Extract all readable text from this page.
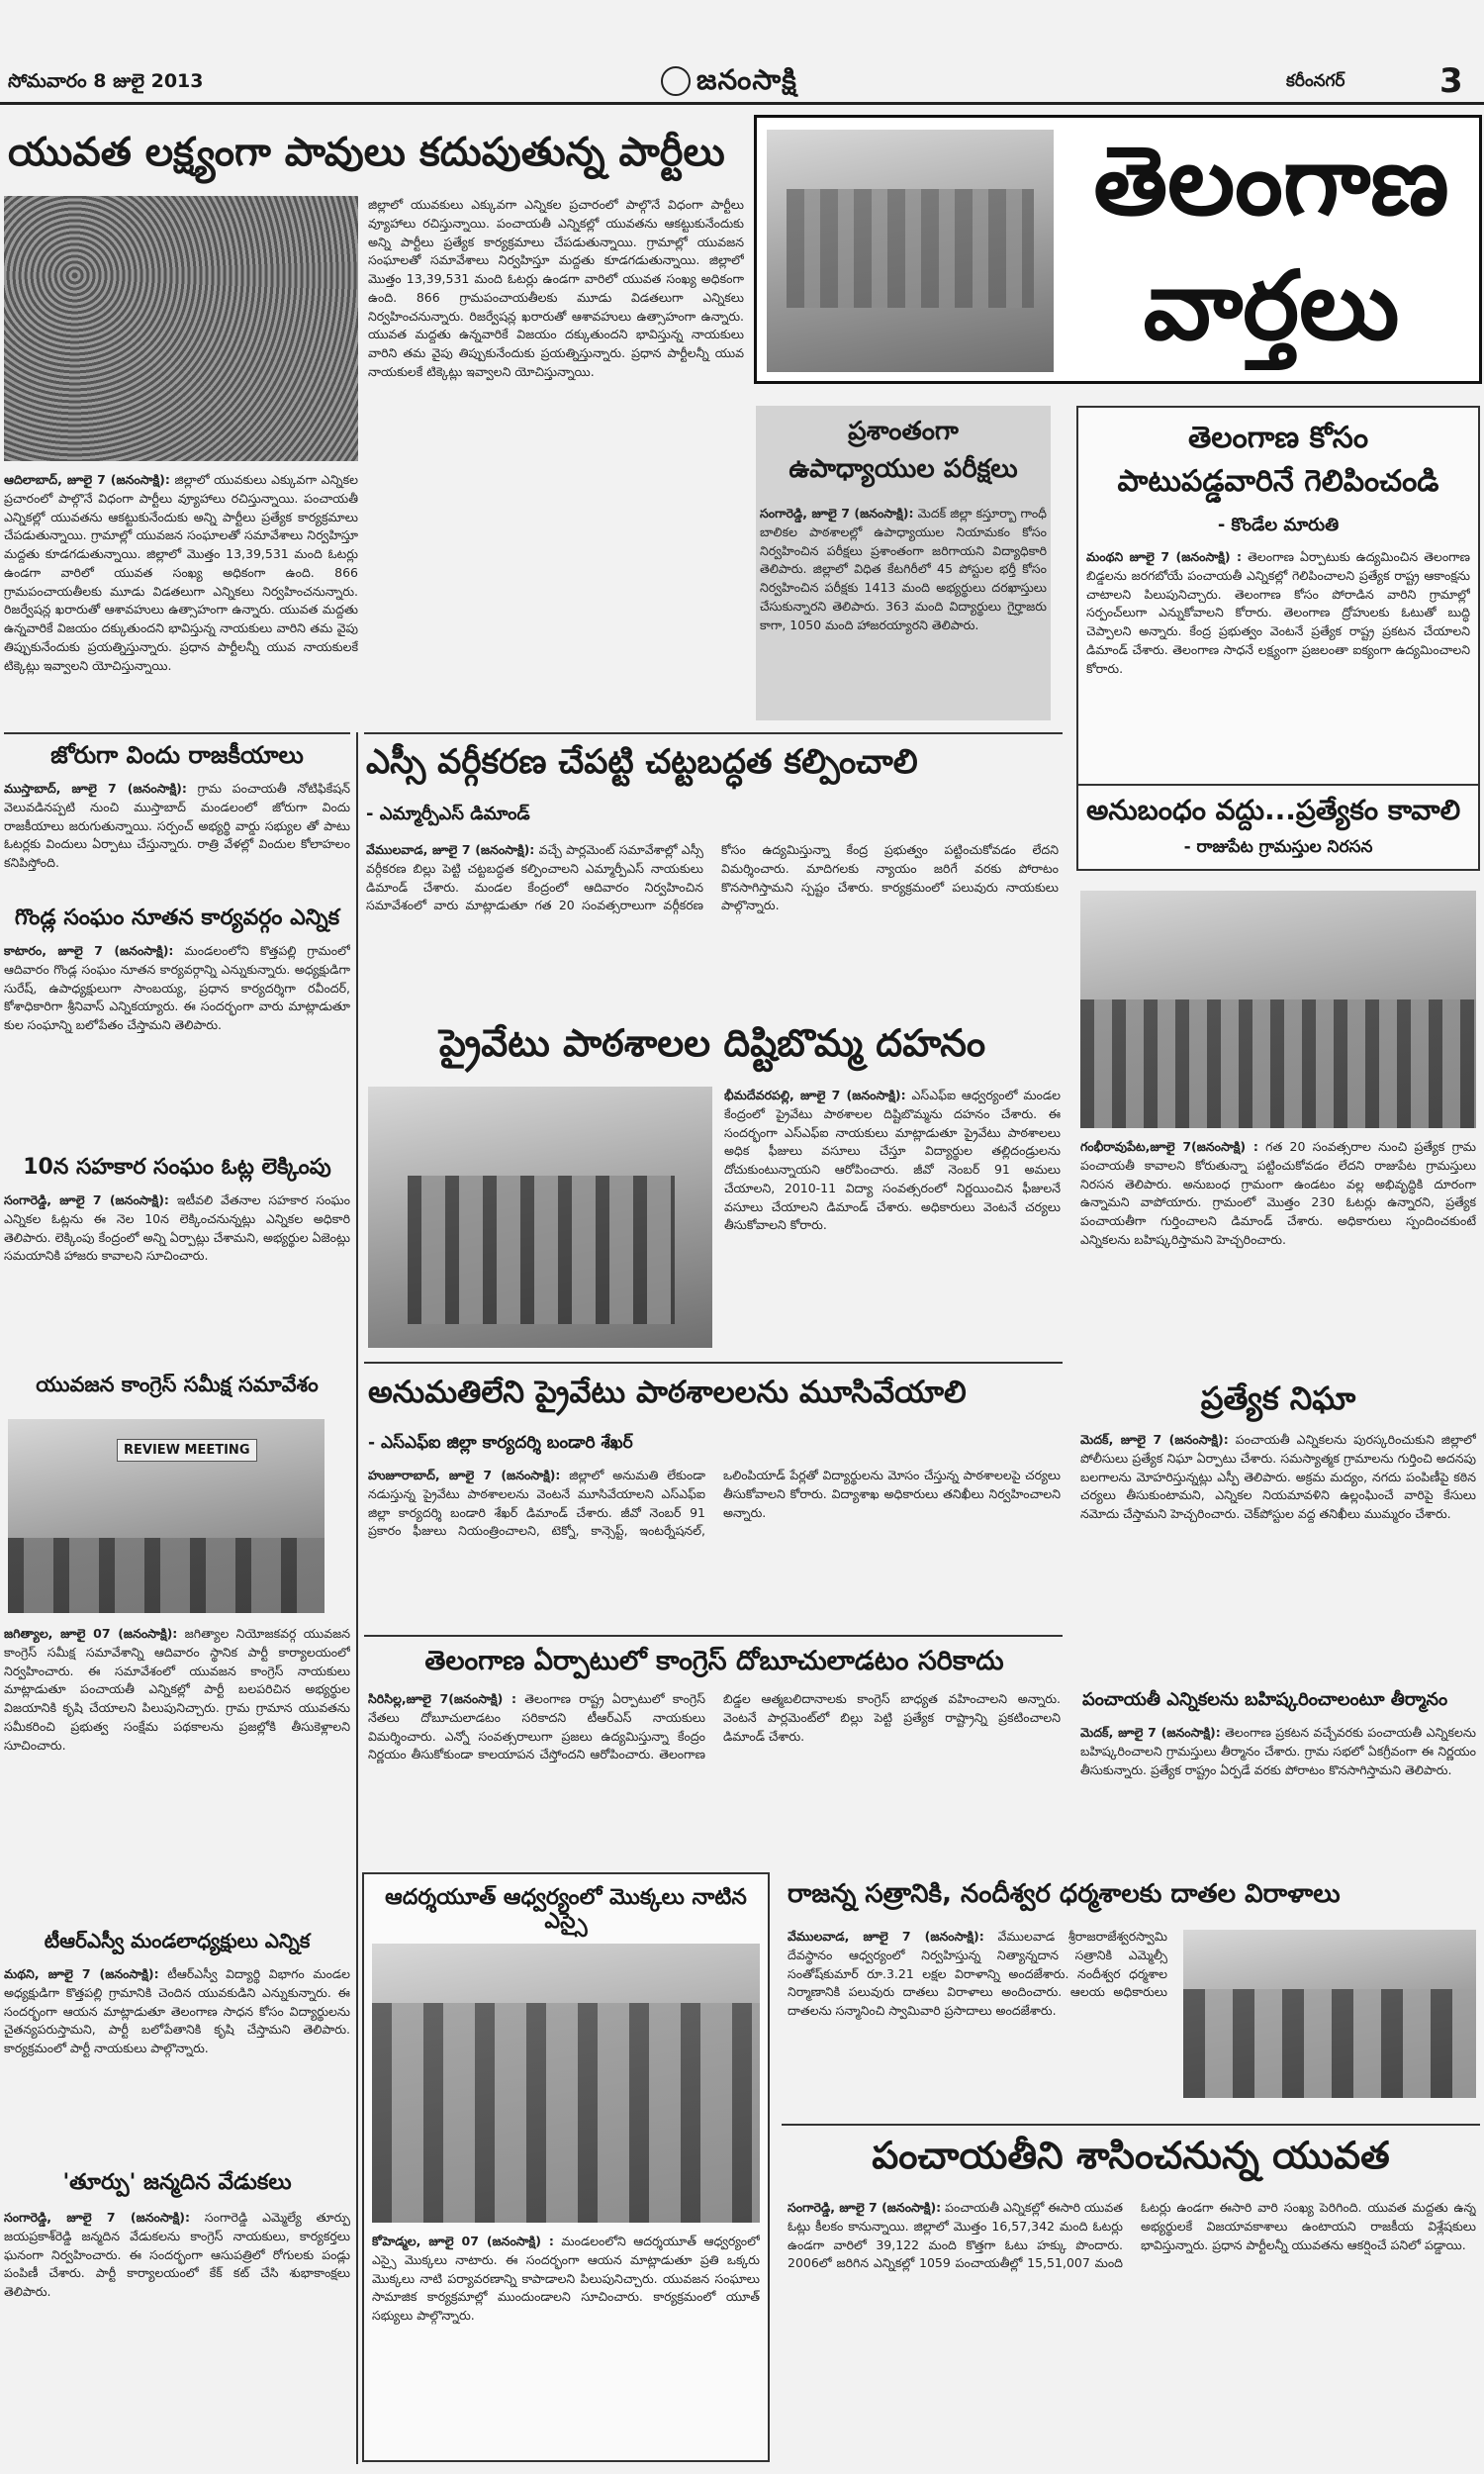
సోమవారం 8 జులై 2013	జనంసాక్షి	కరీంనగర్	3
తెలంగాణ
వార్తలు
యువత లక్ష్యంగా పావులు కదుపుతున్న పార్టీలు
జిల్లాలో యువకులు ఎక్కువగా ఎన్నికల ప్రచారంలో పాల్గొనే విధంగా పార్టీలు వ్యూహాలు రచిస్తున్నాయి. పంచాయతీ ఎన్నికల్లో యువతను ఆకట్టుకునేందుకు అన్ని పార్టీలు ప్రత్యేక కార్యక్రమాలు చేపడుతున్నాయి. గ్రామాల్లో యువజన సంఘాలతో సమావేశాలు నిర్వహిస్తూ మద్దతు కూడగడుతున్నాయి. జిల్లాలో మొత్తం 13,39,531 మంది ఓటర్లు ఉండగా వారిలో యువత సంఖ్య అధికంగా ఉంది. 866 గ్రామపంచాయతీలకు మూడు విడతలుగా ఎన్నికలు నిర్వహించనున్నారు. రిజర్వేషన్ల ఖరారుతో ఆశావహులు ఉత్సాహంగా ఉన్నారు. యువత మద్దతు ఉన్నవారికే విజయం దక్కుతుందని భావిస్తున్న నాయకులు వారిని తమ వైపు తిప్పుకునేందుకు ప్రయత్నిస్తున్నారు. ప్రధాన పార్టీలన్నీ యువ నాయకులకే టిక్కెట్లు ఇవ్వాలని యోచిస్తున్నాయి.
ఆదిలాబాద్, జూలై 7 (జనంసాక్షి): జిల్లాలో యువకులు ఎక్కువగా ఎన్నికల ప్రచారంలో పాల్గొనే విధంగా పార్టీలు వ్యూహాలు రచిస్తున్నాయి. పంచాయతీ ఎన్నికల్లో యువతను ఆకట్టుకునేందుకు అన్ని పార్టీలు ప్రత్యేక కార్యక్రమాలు చేపడుతున్నాయి. గ్రామాల్లో యువజన సంఘాలతో సమావేశాలు నిర్వహిస్తూ మద్దతు కూడగడుతున్నాయి. జిల్లాలో మొత్తం 13,39,531 మంది ఓటర్లు ఉండగా వారిలో యువత సంఖ్య అధికంగా ఉంది. 866 గ్రామపంచాయతీలకు మూడు విడతలుగా ఎన్నికలు నిర్వహించనున్నారు. రిజర్వేషన్ల ఖరారుతో ఆశావహులు ఉత్సాహంగా ఉన్నారు. యువత మద్దతు ఉన్నవారికే విజయం దక్కుతుందని భావిస్తున్న నాయకులు వారిని తమ వైపు తిప్పుకునేందుకు ప్రయత్నిస్తున్నారు. ప్రధాన పార్టీలన్నీ యువ నాయకులకే టిక్కెట్లు ఇవ్వాలని యోచిస్తున్నాయి.
ప్రశాంతంగా
ఉపాధ్యాయుల పరీక్షలు
సంగారెడ్డి, జూలై 7 (జనంసాక్షి): మెదక్ జిల్లా కస్తూర్బా గాంధీ బాలికల పాఠశాలల్లో ఉపాధ్యాయుల నియామకం కోసం నిర్వహించిన పరీక్షలు ప్రశాంతంగా జరిగాయని విద్యాధికారి తెలిపారు. జిల్లాలో విధిత కేటగిరీలో 45 పోస్టుల భర్తీ కోసం నిర్వహించిన పరీక్షకు 1413 మంది అభ్యర్థులు దరఖాస్తులు చేసుకున్నారని తెలిపారు. 363 మంది విద్యార్థులు గైర్హాజరు కాగా, 1050 మంది హాజరయ్యారని తెలిపారు.
తెలంగాణ కోసం
పాటుపడ్డవారినే గెలిపించండి
- కొండేల మారుతి
మంథని జూలై 7 (జనంసాక్షి) : తెలంగాణ ఏర్పాటుకు ఉద్యమించిన తెలంగాణ బిడ్డలను జరగబోయే పంచాయతీ ఎన్నికల్లో గెలిపించాలని ప్రత్యేక రాష్ట్ర ఆకాంక్షను చాటాలని పిలుపునిచ్చారు. తెలంగాణ కోసం పోరాడిన వారిని గ్రామాల్లో సర్పంచ్‌లుగా ఎన్నుకోవాలని కోరారు. తెలంగాణ ద్రోహులకు ఓటుతో బుద్ధి చెప్పాలని అన్నారు. కేంద్ర ప్రభుత్వం వెంటనే ప్రత్యేక రాష్ట్ర ప్రకటన చేయాలని డిమాండ్ చేశారు. తెలంగాణ సాధనే లక్ష్యంగా ప్రజలంతా ఐక్యంగా ఉద్యమించాలని కోరారు.
అనుబంధం వద్దు...ప్రత్యేకం కావాలి
- రాజుపేట గ్రామస్తుల నిరసన
జోరుగా విందు రాజకీయాలు
ముస్తాబాద్, జూలై 7 (జనంసాక్షి): గ్రామ పంచాయతీ నోటిఫికేషన్ వెలువడినప్పటి నుంచి ముస్తాబాద్ మండలంలో జోరుగా విందు రాజకీయాలు జరుగుతున్నాయి. సర్పంచ్ అభ్యర్థి వార్డు సభ్యుల తో పాటు ఓటర్లకు విందులు ఏర్పాటు చేస్తున్నారు. రాత్రి వేళల్లో విందుల కోలాహలం కనిపిస్తోంది.
గొండ్ల సంఘం నూతన కార్యవర్గం ఎన్నిక
కాటారం, జూలై 7 (జనంసాక్షి): మండలంలోని కొత్తపల్లి గ్రామంలో ఆదివారం గొండ్ల సంఘం నూతన కార్యవర్గాన్ని ఎన్నుకున్నారు. అధ్యక్షుడిగా సురేష్, ఉపాధ్యక్షులుగా సాంబయ్య, ప్రధాన కార్యదర్శిగా రవీందర్, కోశాధికారిగా శ్రీనివాస్ ఎన్నికయ్యారు. ఈ సందర్భంగా వారు మాట్లాడుతూ కుల సంఘాన్ని బలోపేతం చేస్తామని తెలిపారు.
10న సహకార సంఘం ఓట్ల లెక్కింపు
సంగారెడ్డి, జూలై 7 (జనంసాక్షి): ఇటీవలి వేతనాల సహకార సంఘం ఎన్నికల ఓట్లను ఈ నెల 10న లెక్కించనున్నట్లు ఎన్నికల అధికారి తెలిపారు. లెక్కింపు కేంద్రంలో అన్ని ఏర్పాట్లు చేశామని, అభ్యర్థుల ఏజెంట్లు సమయానికి హాజరు కావాలని సూచించారు.
యువజన కాంగ్రెస్ సమీక్ష సమావేశం
REVIEW MEETING
జగిత్యాల, జూలై 07 (జనంసాక్షి): జగిత్యాల నియోజకవర్గ యువజన కాంగ్రెస్ సమీక్ష సమావేశాన్ని ఆదివారం స్థానిక పార్టీ కార్యాలయంలో నిర్వహించారు. ఈ సమావేశంలో యువజన కాంగ్రెస్ నాయకులు మాట్లాడుతూ పంచాయతీ ఎన్నికల్లో పార్టీ బలపరిచిన అభ్యర్థుల విజయానికి కృషి చేయాలని పిలుపునిచ్చారు. గ్రామ గ్రామాన యువతను సమీకరించి ప్రభుత్వ సంక్షేమ పథకాలను ప్రజల్లోకి తీసుకెళ్లాలని సూచించారు.
టీఆర్ఎస్వీ మండలాధ్యక్షులు ఎన్నిక
మథని, జూలై 7 (జనంసాక్షి): టీఆర్ఎస్వీ విద్యార్థి విభాగం మండల అధ్యక్షుడిగా కొత్తపల్లి గ్రామానికి చెందిన యువకుడిని ఎన్నుకున్నారు. ఈ సందర్భంగా ఆయన మాట్లాడుతూ తెలంగాణ సాధన కోసం విద్యార్థులను చైతన్యపరుస్తామని, పార్టీ బలోపేతానికి కృషి చేస్తామని తెలిపారు. కార్యక్రమంలో పార్టీ నాయకులు పాల్గొన్నారు.
'తూర్పు' జన్మదిన వేడుకలు
సంగారెడ్డి, జూలై 7 (జనంసాక్షి): సంగారెడ్డి ఎమ్మెల్యే తూర్పు జయప్రకాశ్‌రెడ్డి జన్మదిన వేడుకలను కాంగ్రెస్ నాయకులు, కార్యకర్తలు ఘనంగా నిర్వహించారు. ఈ సందర్భంగా ఆసుపత్రిలో రోగులకు పండ్లు పంపిణీ చేశారు. పార్టీ కార్యాలయంలో కేక్ కట్ చేసి శుభాకాంక్షలు తెలిపారు.
ఎస్సీ వర్గీకరణ చేపట్టి చట్టబద్ధత కల్పించాలి
- ఎమ్మార్పీఎస్ డిమాండ్
వేములవాడ, జూలై 7 (జనంసాక్షి): వచ్చే పార్లమెంట్ సమావేశాల్లో ఎస్సీ వర్గీకరణ బిల్లు పెట్టి చట్టబద్ధత కల్పించాలని ఎమ్మార్పీఎస్ నాయకులు డిమాండ్ చేశారు. మండల కేంద్రంలో ఆదివారం నిర్వహించిన సమావేశంలో వారు మాట్లాడుతూ గత 20 సంవత్సరాలుగా వర్గీకరణ కోసం ఉద్యమిస్తున్నా కేంద్ర ప్రభుత్వం పట్టించుకోవడం లేదని విమర్శించారు. మాదిగలకు న్యాయం జరిగే వరకు పోరాటం కొనసాగిస్తామని స్పష్టం చేశారు. కార్యక్రమంలో పలువురు నాయకులు పాల్గొన్నారు.
ప్రైవేటు పాఠశాలల దిష్టిబొమ్మ దహనం
భీమదేవరపల్లి, జూలై 7 (జనంసాక్షి): ఎస్ఎఫ్ఐ ఆధ్వర్యంలో మండల కేంద్రంలో ప్రైవేటు పాఠశాలల దిష్టిబొమ్మను దహనం చేశారు. ఈ సందర్భంగా ఎస్ఎఫ్ఐ నాయకులు మాట్లాడుతూ ప్రైవేటు పాఠశాలలు అధిక ఫీజులు వసూలు చేస్తూ విద్యార్థుల తల్లిదండ్రులను దోచుకుంటున్నాయని ఆరోపించారు. జీవో నెంబర్ 91 అమలు చేయాలని, 2010-11 విద్యా సంవత్సరంలో నిర్ణయించిన ఫీజులనే వసూలు చేయాలని డిమాండ్ చేశారు. అధికారులు వెంటనే చర్యలు తీసుకోవాలని కోరారు.
అనుమతిలేని ప్రైవేటు పాఠశాలలను మూసివేయాలి
- ఎస్ఎఫ్ఐ జిల్లా కార్యదర్శి బండారి శేఖర్
హుజూరాబాద్, జూలై 7 (జనంసాక్షి): జిల్లాలో అనుమతి లేకుండా నడుస్తున్న ప్రైవేటు పాఠశాలలను వెంటనే మూసివేయాలని ఎస్ఎఫ్ఐ జిల్లా కార్యదర్శి బండారి శేఖర్ డిమాండ్ చేశారు. జీవో నెంబర్ 91 ప్రకారం ఫీజులు నియంత్రించాలని, టెక్నో, కాన్సెప్ట్, ఇంటర్నేషనల్, ఒలింపియాడ్ పేర్లతో విద్యార్థులను మోసం చేస్తున్న పాఠశాలలపై చర్యలు తీసుకోవాలని కోరారు. విద్యాశాఖ అధికారులు తనిఖీలు నిర్వహించాలని అన్నారు.
తెలంగాణ ఏర్పాటులో కాంగ్రెస్ దోబూచులాడటం సరికాదు
సిరిసిల్ల,జూలై 7(జనంసాక్షి) : తెలంగాణ రాష్ట్ర ఏర్పాటులో కాంగ్రెస్ నేతలు దోబూచులాడటం సరికాదని టీఆర్ఎస్ నాయకులు విమర్శించారు. ఎన్నో సంవత్సరాలుగా ప్రజలు ఉద్యమిస్తున్నా కేంద్రం నిర్ణయం తీసుకోకుండా కాలయాపన చేస్తోందని ఆరోపించారు. తెలంగాణ బిడ్డల ఆత్మబలిదానాలకు కాంగ్రెస్ బాధ్యత వహించాలని అన్నారు. వెంటనే పార్లమెంట్‌లో బిల్లు పెట్టి ప్రత్యేక రాష్ట్రాన్ని ప్రకటించాలని డిమాండ్ చేశారు.
ఆదర్శయూత్ ఆధ్వర్యంలో మొక్కలు నాటిన ఎస్సై
కోహెడ్మల, జూలై 07 (జనంసాక్షి) : మండలంలోని ఆదర్శయూత్ ఆధ్వర్యంలో ఎస్సై మొక్కలు నాటారు. ఈ సందర్భంగా ఆయన మాట్లాడుతూ ప్రతి ఒక్కరు మొక్కలు నాటి పర్యావరణాన్ని కాపాడాలని పిలుపునిచ్చారు. యువజన సంఘాలు సామాజిక కార్యక్రమాల్లో ముందుండాలని సూచించారు. కార్యక్రమంలో యూత్ సభ్యులు పాల్గొన్నారు.
గంభీరావుపేట,జూలై 7(జనంసాక్షి) : గత 20 సంవత్సరాల నుంచి ప్రత్యేక గ్రామ పంచాయతీ కావాలని కోరుతున్నా పట్టించుకోవడం లేదని రాజుపేట గ్రామస్తులు నిరసన తెలిపారు. అనుబంధ గ్రామంగా ఉండటం వల్ల అభివృద్ధికి దూరంగా ఉన్నామని వాపోయారు. గ్రామంలో మొత్తం 230 ఓటర్లు ఉన్నారని, ప్రత్యేక పంచాయతీగా గుర్తించాలని డిమాండ్ చేశారు. అధికారులు స్పందించకుంటే ఎన్నికలను బహిష్కరిస్తామని హెచ్చరించారు.
ప్రత్యేక నిఘా
మెదక్, జూలై 7 (జనంసాక్షి): పంచాయతీ ఎన్నికలను పురస్కరించుకుని జిల్లాలో పోలీసులు ప్రత్యేక నిఘా ఏర్పాటు చేశారు. సమస్యాత్మక గ్రామాలను గుర్తించి అదనపు బలగాలను మోహరిస్తున్నట్లు ఎస్పీ తెలిపారు. అక్రమ మద్యం, నగదు పంపిణీపై కఠిన చర్యలు తీసుకుంటామని, ఎన్నికల నియమావళిని ఉల్లంఘించే వారిపై కేసులు నమోదు చేస్తామని హెచ్చరించారు. చెక్‌పోస్టుల వద్ద తనిఖీలు ముమ్మరం చేశారు.
పంచాయతీ ఎన్నికలను బహిష్కరించాలంటూ తీర్మానం
మెదక్, జూలై 7 (జనంసాక్షి): తెలంగాణ ప్రకటన వచ్చేవరకు పంచాయతీ ఎన్నికలను బహిష్కరించాలని గ్రామస్తులు తీర్మానం చేశారు. గ్రామ సభలో ఏకగ్రీవంగా ఈ నిర్ణయం తీసుకున్నారు. ప్రత్యేక రాష్ట్రం ఏర్పడే వరకు పోరాటం కొనసాగిస్తామని తెలిపారు.
రాజన్న సత్రానికి, నందీశ్వర ధర్మశాలకు దాతల విరాళాలు
వేములవాడ, జూలై 7 (జనంసాక్షి): వేములవాడ శ్రీరాజరాజేశ్వరస్వామి దేవస్థానం ఆధ్వర్యంలో నిర్వహిస్తున్న నిత్యాన్నదాన సత్రానికి ఎమ్మెల్సీ సంతోష్‌కుమార్ రూ.3.21 లక్షల విరాళాన్ని అందజేశారు. నందీశ్వర ధర్మశాల నిర్మాణానికి పలువురు దాతలు విరాళాలు అందించారు. ఆలయ అధికారులు దాతలను సన్మానించి స్వామివారి ప్రసాదాలు అందజేశారు.
పంచాయతీని శాసించనున్న యువత
సంగారెడ్డి, జూలై 7 (జనంసాక్షి): పంచాయతీ ఎన్నికల్లో ఈసారి యువత ఓట్లు కీలకం కానున్నాయి. జిల్లాలో మొత్తం 16,57,342 మంది ఓటర్లు ఉండగా వారిలో 39,122 మంది కొత్తగా ఓటు హక్కు పొందారు. 2006లో జరిగిన ఎన్నికల్లో 1059 పంచాయతీల్లో 15,51,007 మంది ఓటర్లు ఉండగా ఈసారి వారి సంఖ్య పెరిగింది. యువత మద్దతు ఉన్న అభ్యర్థులకే విజయావకాశాలు ఉంటాయని రాజకీయ విశ్లేషకులు భావిస్తున్నారు. ప్రధాన పార్టీలన్నీ యువతను ఆకర్షించే పనిలో పడ్డాయి.
